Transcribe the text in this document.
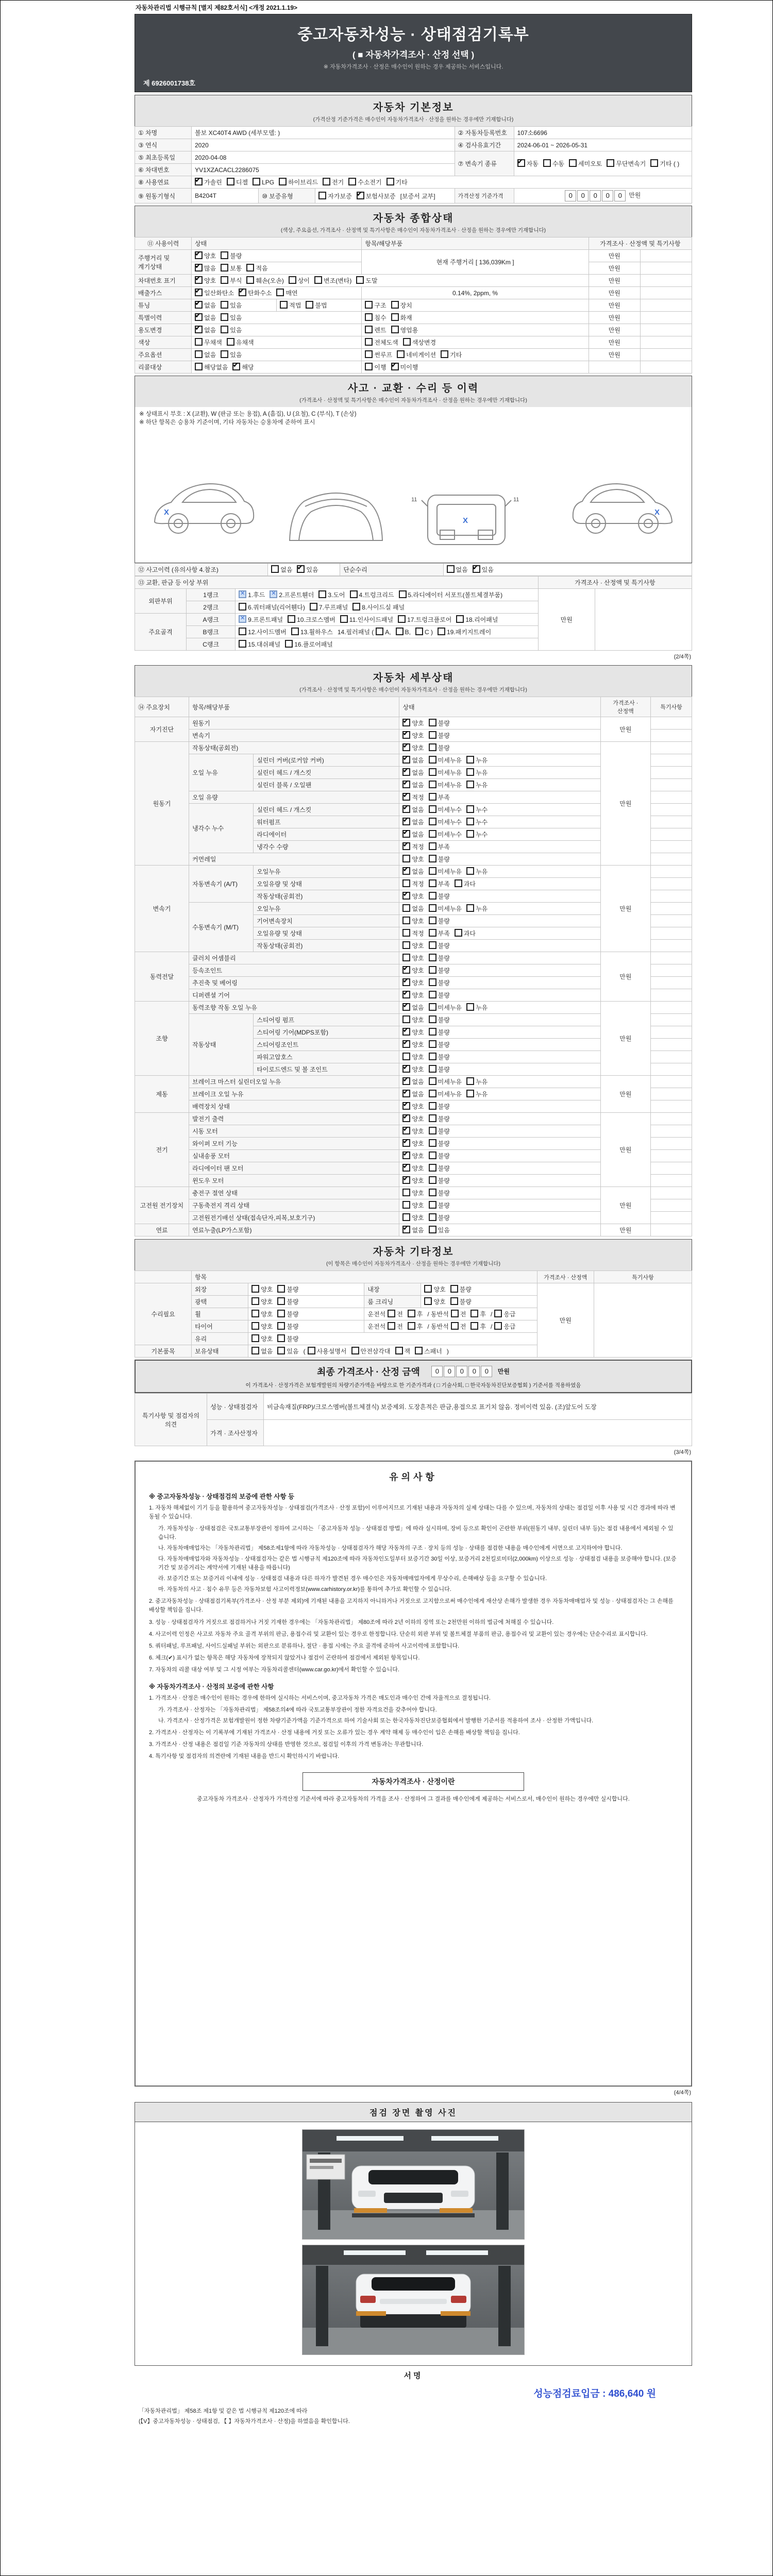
자동차관리법 시행규칙 [별지 제82호서식] <개정 2021.1.19>
중고자동차성능 · 상태점검기록부
( ■ 자동차가격조사 · 산정 선택 )
※ 자동차가격조사 · 산정은 매수인이 원하는 경우 제공하는 서비스입니다.
제 6926001738호
자동차 기본정보
(가격산정 기준가격은 매수인이 자동차가격조사 · 산정을 원하는 경우에만 기재합니다)
① 차명	볼보 XC40T4 AWD (세부모델: )			② 자동차등록번호	107소6696
③ 연식	2020			④ 검사유효기간	2024-06-01 ~ 2026-05-31
⑤ 최초등록일	2020-04-08			⑦ 변속기 종류	✔자동 수동 세미오토 무단변속기 기타 ( )
⑥ 차대번호	YV1XZACACL2286075				
⑧ 사용연료	✔가솔린 디젤 LPG 하이브리드 전기 수소전기 기타
⑨ 원동기형식	B4204T	⑩ 보증유형	자가보증 ✔ 보험사보증 [보증서 교부]	가격산정 기준가격	0 0 0 0 0 만원
자동차 종합상태
(색상, 주요옵션, 가격조사 · 산정액 및 특기사항은 매수인이 자동차가격조사 · 산정을 원하는 경우에만 기재합니다)
⑪ 사용이력	상태		항목/해당부품	가격조사 · 산정액 및 특기사항	
주행거리 및 계기상태	✔양호 불량		현재 주행거리 [ 136,039Km ]	만원	
✔많음 보통 적음			만원	
차대번호 표기	✔양호 부식 훼손(오손) 상이 변조(변타) 도말			만원	
배출가스	✔일산화탄소 ✔ 탄화수소 매연		0.14%, 2ppm, %	만원	
튜닝	✔없음 있음	적법 불법	구조 장치	만원	
특별이력	✔없음 있음		침수 화재	만원	
용도변경	✔없음 있음		렌트 영업용	만원	
색상	무채색 유채색		전체도색 색상변경	만원	
주요옵션	없음 있음		썬루프 네비게이션 기타	만원	
리콜대상	해당없음 ✔ 해당		이행 ✔ 미이행		
사고 · 교환 · 수리 등 이력
(가격조사 · 산정액 및 특기사항은 매수인이 자동차가격조사 · 산정을 원하는 경우에만 기재합니다)
※ 상태표시 부호 : X (교환), W (판금 또는 용접), A (흠집), U (요철), C (부식), T (손상)
※ 하단 항목은 승용차 기준이며, 기타 자동차는 승용차에 준하여 표시
X
11	11
X
X
⑫ 사고이력 (유의사항 4.참조)	없음 ✔ 있음	단순수리	없음 ✔ 있음
⑬ 교환, 판금 등 이상 부위			가격조사 · 산정액 및 특기사항	
외판부위	1랭크	✕1.후드 ✕ 2.프론트휀더 3.도어 4.트렁크리드 5.라디에이터 서포트(볼트체결부품)	만원	
	2랭크	6.쿼터패널(리어휀다) 7.루프패널 8.사이드실 패널		
주요골격	A랭크	✕9.프론트패널 10.크로스멤버 11.인사이드패널 17.트렁크플로어 18.리어패널
	B랭크	12.사이드멤버 13.휠하우스 14.필러패널 ( A, B, C ) 19.패키지트레이		
	C랭크	15.대쉬패널 16.플로어패널		
(2/4쪽)
자동차 세부상태
(가격조사 · 산정액 및 특기사항은 매수인이 자동차가격조사 · 산정을 원하는 경우에만 기재합니다)
⑭ 주요장치	항목/해당부품		상태	가격조사 · 산정액	특기사항
자기진단	원동기	✔양호 불량	만원	
	변속기	✔양호 불량	
원동기	작동상태(공회전)	✔양호 불량	만원	
	오일 누유	실린더 커버(로커암 커버)	✔없음 미세누유 누유	
		실린더 헤드 / 개스킷	✔없음 미세누유 누유	
		실린더 블록 / 오일팬	✔없음 미세누유 누유	
	오일 유량	✔적정 부족	
	냉각수 누수	실린더 헤드 / 개스킷	✔없음 미세누수 누수	
		워터펌프	✔없음 미세누수 누수	
		라디에이터	✔없음 미세누수 누수	
		냉각수 수량	✔적정 부족	
	커먼레일		양호 불량		
변속기	자동변속기 (A/T)	오일누유	✔없음 미세누유 누유	만원	
		오일유량 및 상태	적정 부족 과다		
		작동상태(공회전)	✔양호 불량	
	수동변속기 (M/T)	오일누유	없음 미세누유 누유		
		기어변속장치	양호 불량		
		오일유량 및 상태	적정 부족 과다		
		작동상태(공회전)	양호 불량		
동력전달	클러치 어셈블리		양호 불량	만원	
	등속조인트	✔양호 불량	
	추진축 및 베어링	✔양호 불량	
	디퍼렌셜 기어	✔양호 불량	
조향	동력조향 작동 오일 누유	✔없음 미세누유 누유	만원	
	작동상태	스티어링 펌프	양호 불량		
		스티어링 기어(MDPS포함)	✔양호 불량	
		스티어링조인트	✔양호 불량	
		파워고압호스	양호 불량		
		타이로드엔드 및 볼 조인트	✔양호 불량	
제동	브레이크 마스터 실린더오일 누유	✔없음 미세누유 누유	만원	
	브레이크 오일 누유	✔없음 미세누유 누유	
	배력장치 상태	✔양호 불량	
전기	발전기 출력	✔양호 불량	만원	
	시동 모터	✔양호 불량	
	와이퍼 모터 기능	✔양호 불량	
	실내송풍 모터	✔양호 불량	
	라디에이터 팬 모터	✔양호 불량	
	윈도우 모터	✔양호 불량	
고전원 전기장치	충전구 절연 상태		양호 불량	만원	
	구동축전지 격리 상태		양호 불량		
	고전원전기배선 상태(접속단자,피복,보호기구)		양호 불량		
연료	연료누출(LP가스포함)	✔없음 있음	만원	
자동차 기타정보
(이 항목은 매수인이 자동차가격조사 · 산정을 원하는 경우에만 기재합니다)
	항목				가격조사 · 산정액	특기사항
수리필요	외장	양호 불량	내장	양호 불량	만원	
	광택	양호 불량	룸 크리닝	양호 불량		
	휠	양호 불량	운전석 전 후 / 동반석 전 후 / 응급			
	타이어	양호 불량	운전석 전 후 / 동반석 전 후 / 응급			
	유리	양호 불량				
기본품목	보유상태	없음 있음 ( 사용설명서 안전삼각대 잭 스패너 )				
최종 가격조사 · 산정 금액 0 0 0 0 0 만원
이 가격조사 · 산정가격은 보험개발원의 차량기준가액을 바탕으로 한 기준가격과 ( □ 기술사회, □ 한국자동차진단보증협회 ) 기준서를 적용하였음
특기사항 및 점검자의 의견	성능 · 상태점검자	비금속재질(FRP)/크로스멤버(볼트체결식) 보증제외. 도장흔적은 판금,용접으로 표기치 않음. 정비이력 있음. (조)앞도어 도장
	가격 · 조사산정자	
(3/4쪽)
유의사항
※ 중고자동차성능 · 상태점검의 보증에 관한 사항 등
1. 자동차 해체없이 기기 등을 활용하여 중고자동차성능 · 상태점검(가격조사 · 산정 포함)이 이루어지므로 기재된 내용과 자동차의 실제 상태는 다를 수 있으며, 자동차의 상태는 점검일 이후 사용 및 시간 경과에 따라 변동될 수 있습니다.
가. 자동차성능 · 상태점검은 국토교통부장관이 정하여 고시하는 「중고자동차 성능 · 상태점검 방법」에 따라 실시하며, 장비 등으로 확인이 곤란한 부위(원동기 내부, 실린더 내부 등)는 점검 내용에서 제외될 수 있습니다.
나. 자동차매매업자는 「자동차관리법」 제58조제1항에 따라 자동차성능 · 상태점검자가 해당 자동차의 구조 · 장치 등의 성능 · 상태를 점검한 내용을 매수인에게 서면으로 고지하여야 합니다.
다. 자동차매매업자와 자동차성능 · 상태점검자는 같은 법 시행규칙 제120조에 따라 자동차인도일부터 보증기간 30일 이상, 보증거리 2천킬로미터(2,000km) 이상으로 성능 · 상태점검 내용을 보증해야 합니다. (보증기간 및 보증거리는 계약서에 기재된 내용을 따릅니다)
라. 보증기간 또는 보증거리 이내에 성능 · 상태점검 내용과 다른 하자가 발견된 경우 매수인은 자동차매매업자에게 무상수리, 손해배상 등을 요구할 수 있습니다.
마. 자동차의 사고 · 침수 유무 등은 자동차보험 사고이력정보(www.carhistory.or.kr)를 통하여 추가로 확인할 수 있습니다.
2. 중고자동차성능 · 상태점검기록부(가격조사 · 산정 부분 제외)에 기재된 내용을 고지하지 아니하거나 거짓으로 고지함으로써 매수인에게 재산상 손해가 발생한 경우 자동차매매업자 및 성능 · 상태점검자는 그 손해를 배상할 책임을 집니다.
3. 성능 · 상태점검자가 거짓으로 점검하거나 거짓 기재한 경우에는 「자동차관리법」 제80조에 따라 2년 이하의 징역 또는 2천만원 이하의 벌금에 처해질 수 있습니다.
4. 사고이력 인정은 사고로 자동차 주요 골격 부위의 판금, 용접수리 및 교환이 있는 경우로 한정합니다. 단순히 외판 부위 및 볼트체결 부품의 판금, 용접수리 및 교환이 있는 경우에는 단순수리로 표시합니다.
5. 쿼터패널, 루프패널, 사이드실패널 부위는 외판으로 분류하나, 절단 · 용접 시에는 주요 골격에 준하여 사고이력에 포함합니다.
6. 체크(✔) 표시가 없는 항목은 해당 자동차에 장착되지 않았거나 점검이 곤란하여 점검에서 제외된 항목입니다.
7. 자동차의 리콜 대상 여부 및 그 시정 여부는 자동차리콜센터(www.car.go.kr)에서 확인할 수 있습니다.
※ 자동차가격조사 · 산정의 보증에 관한 사항
1. 가격조사 · 산정은 매수인이 원하는 경우에 한하여 실시하는 서비스이며, 중고자동차 가격은 매도인과 매수인 간에 자율적으로 결정됩니다.
가. 가격조사 · 산정자는 「자동차관리법」 제58조의4에 따라 국토교통부장관이 정한 자격요건을 갖추어야 합니다.
나. 가격조사 · 산정가격은 보험개발원이 정한 차량기준가액을 기준가격으로 하여 기술사회 또는 한국자동차진단보증협회에서 발행한 기준서를 적용하여 조사 · 산정한 가액입니다.
2. 가격조사 · 산정자는 이 기록부에 기재된 가격조사 · 산정 내용에 거짓 또는 오류가 있는 경우 계약 해제 등 매수인이 입은 손해를 배상할 책임을 집니다.
3. 가격조사 · 산정 내용은 점검일 기준 자동차의 상태를 반영한 것으로, 점검일 이후의 가격 변동과는 무관합니다.
4. 특기사항 및 점검자의 의견란에 기재된 내용을 반드시 확인하시기 바랍니다.
자동차가격조사 · 산정이란
중고자동차 가격조사 · 산정자가 가격산정 기준서에 따라 중고자동차의 가격을 조사 · 산정하여 그 결과를 매수인에게 제공하는 서비스로서, 매수인이 원하는 경우에만 실시합니다.
(4/4쪽)
점검 장면 촬영 사진
서명
성능점검료입금 : 486,640 원
「자동차관리법」 제58조 제1항 및 같은 법 시행규칙 제120조에 따라
(【V】중고자동차성능 · 상태점검, 【 】자동차가격조사 · 산정)을 하였음을 확인합니다.
